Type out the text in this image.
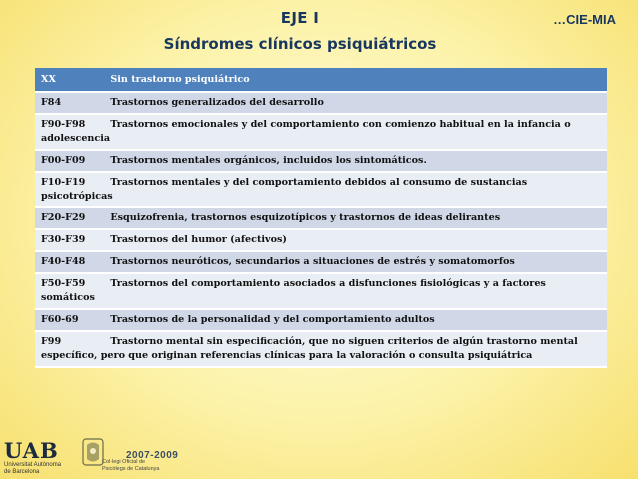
EJE I
Síndromes clínicos psiquiátricos
…CIE-MIA
XX	Sin trastorno psiquiátrico
F84	Trastornos generalizados del desarrollo
F90-F98	Trastornos emocionales y del comportamiento con comienzo habitual en la infancia o adolescencia
F00-F09	Trastornos mentales orgánicos, incluidos los sintomáticos.
F10-F19	Trastornos mentales y del comportamiento debidos al consumo de sustancias psicotrópicas
F20-F29	Esquizofrenia, trastornos esquizotípicos y trastornos de ideas delirantes
F30-F39	Trastornos del humor (afectivos)
F40-F48	Trastornos neuróticos, secundarios a situaciones de estrés y somatomorfos
F50-F59	Trastornos del comportamiento asociados a disfunciones fisiológicas y a factores somáticos
F60-69	Trastornos de la personalidad y del comportamiento adultos
F99	Trastorno mental sin especificación, que no siguen criterios de algún trastorno mental específico, pero que originan referencias clínicas para la valoración o consulta psiquiátrica
UAB
Universitat Autònoma
de Barcelona
Col·legi Oficial de
Psicòlegs de Catalunya
2007-2009
